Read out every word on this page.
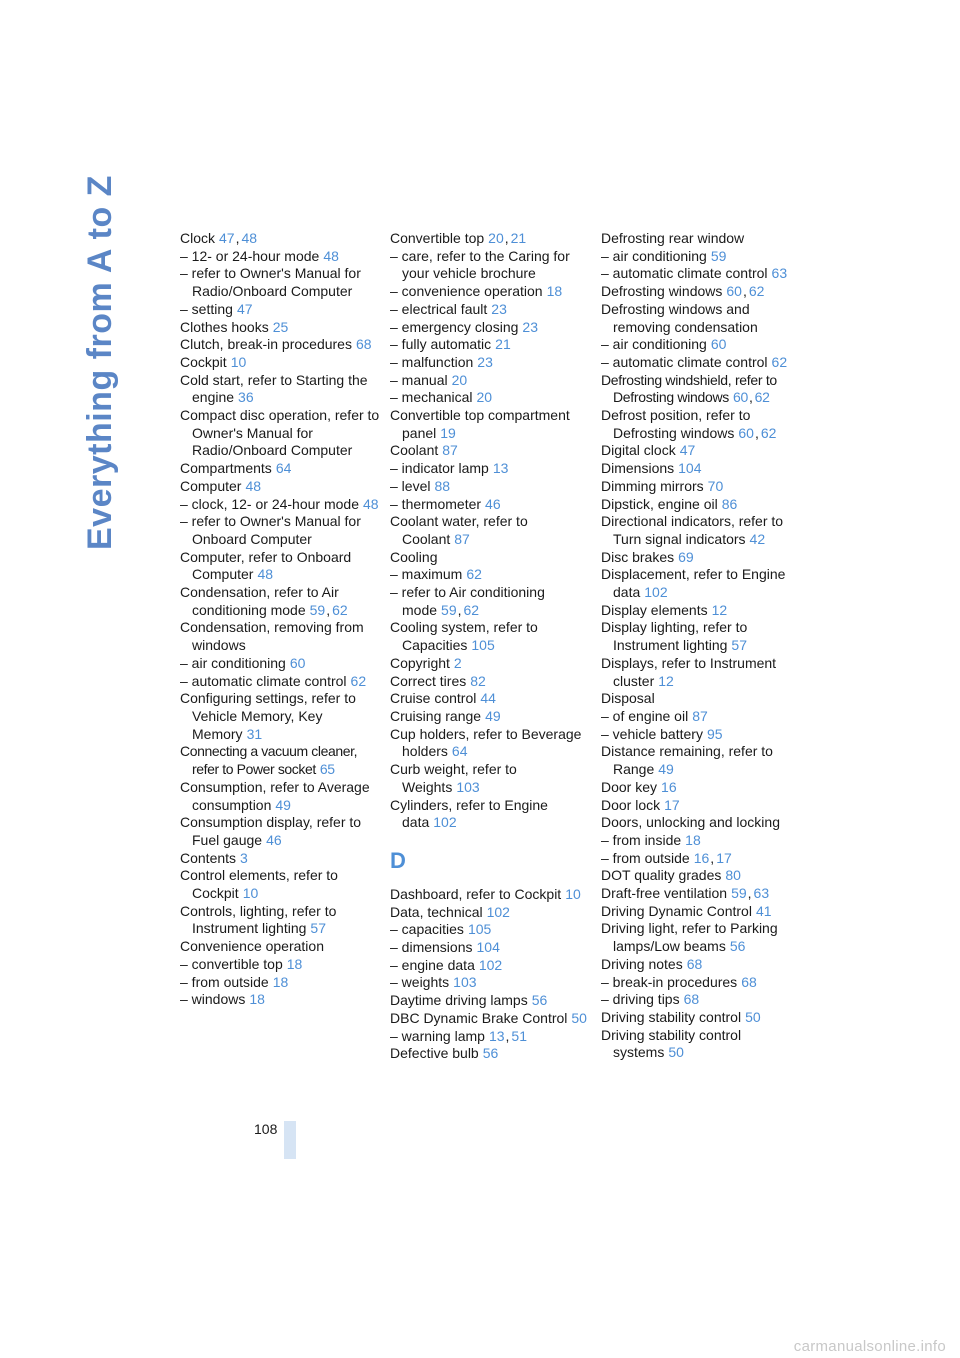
Everything from A to Z	Clock 47, 48
– 12- or 24-hour mode 48
– refer to Owner's Manual for Radio/Onboard Computer
– setting 47
Clothes hooks 25
Clutch, break-in procedures 68
Cockpit 10
Cold start, refer to Starting the engine 36
Compact disc operation, refer to Owner's Manual for Radio/Onboard Computer
Compartments 64
Computer 48
– clock, 12- or 24-hour mode 48
– refer to Owner's Manual for Onboard Computer
Computer, refer to Onboard Computer 48
Condensation, refer to Air conditioning mode 59, 62
Condensation, removing from windows
– air conditioning 60
– automatic climate control 62
Configuring settings, refer to Vehicle Memory, Key Memory 31
Connecting a vacuum cleaner, refer to Power socket 65
Consumption, refer to Average consumption 49
Consumption display, refer to Fuel gauge 46
Contents 3
Control elements, refer to Cockpit 10
Controls, lighting, refer to Instrument lighting 57
Convenience operation
– convertible top 18
– from outside 18
– windows 18
Convertible top 20, 21
– care, refer to the Caring for your vehicle brochure
– convenience operation 18
– electrical fault 23
– emergency closing 23
– fully automatic 21
– malfunction 23
– manual 20
– mechanical 20
Convertible top compartment panel 19
Coolant 87
– indicator lamp 13
– level 88
– thermometer 46
Coolant water, refer to Coolant 87
Cooling
– maximum 62
– refer to Air conditioning mode 59, 62
Cooling system, refer to Capacities 105
Copyright 2
Correct tires 82
Cruise control 44
Cruising range 49
Cup holders, refer to Beverage holders 64
Curb weight, refer to Weights 103
Cylinders, refer to Engine data 102
D
Dashboard, refer to Cockpit 10
Data, technical 102
– capacities 105
– dimensions 104
– engine data 102
– weights 103
Daytime driving lamps 56
DBC Dynamic Brake Control 50
– warning lamp 13, 51
Defective bulb 56
Defrosting rear window
– air conditioning 59
– automatic climate control 63
Defrosting windows 60, 62
Defrosting windows and removing condensation
– air conditioning 60
– automatic climate control 62
Defrosting windshield, refer to Defrosting windows 60, 62
Defrost position, refer to Defrosting windows 60, 62
Digital clock 47
Dimensions 104
Dimming mirrors 70
Dipstick, engine oil 86
Directional indicators, refer to Turn signal indicators 42
Disc brakes 69
Displacement, refer to Engine data 102
Display elements 12
Display lighting, refer to Instrument lighting 57
Displays, refer to Instrument cluster 12
Disposal
– of engine oil 87
– vehicle battery 95
Distance remaining, refer to Range 49
Door key 16
Door lock 17
Doors, unlocking and locking
– from inside 18
– from outside 16, 17
DOT quality grades 80
Draft-free ventilation 59, 63
Driving Dynamic Control 41
Driving light, refer to Parking lamps/Low beams 56
Driving notes 68
– break-in procedures 68
– driving tips 68
Driving stability control 50
Driving stability control systems 50
108
carmanualsonline.info
